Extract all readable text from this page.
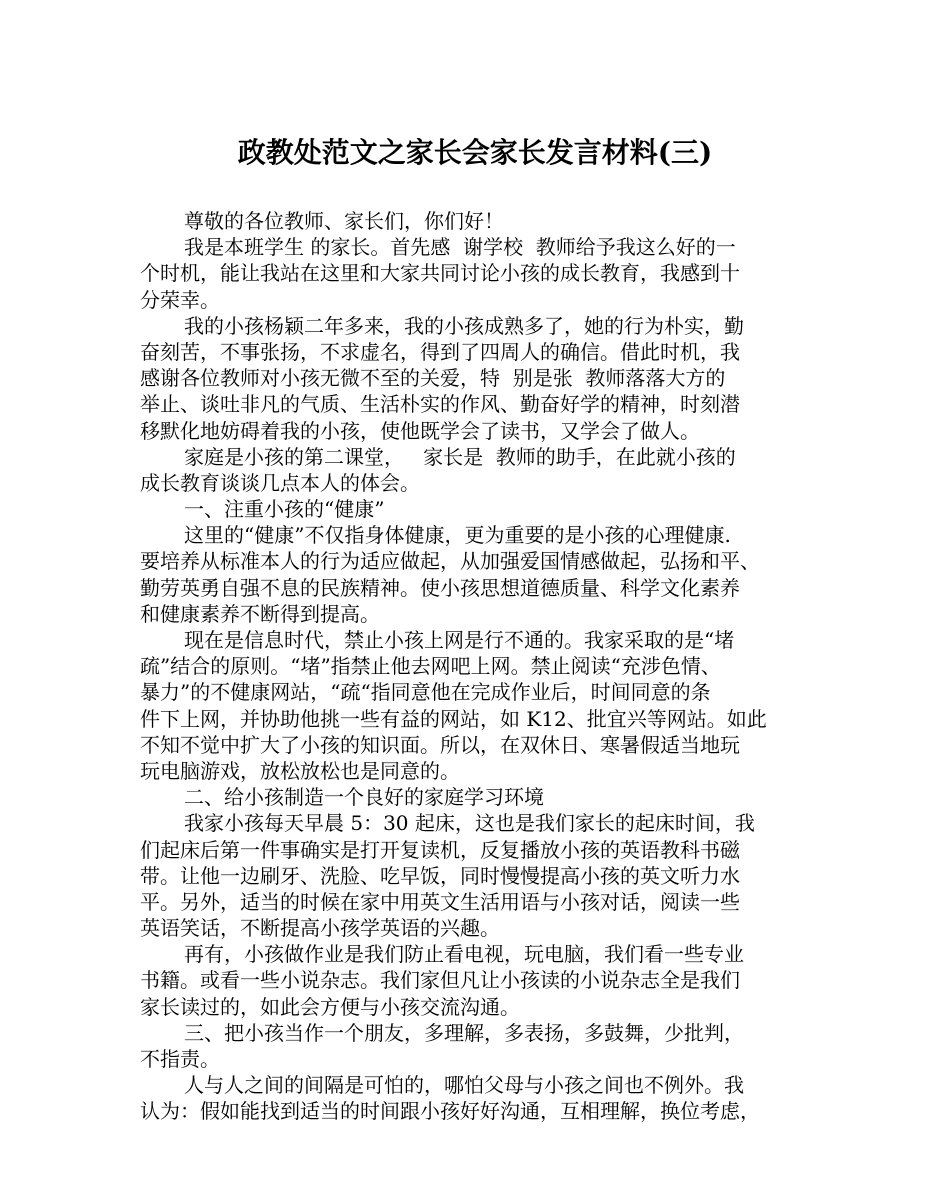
政教处范文之家长会家长发言材料(三)
尊敬的各位教师、家长们，你们好！
我是本班学生 的家长。首先感  谢学校  教师给予我这么好的一
个时机，能让我站在这里和大家共同讨论小孩的成长教育，我感到十
分荣幸。
我的小孩杨颖二年多来，我的小孩成熟多了，她的行为朴实，勤
奋刻苦，不事张扬，不求虚名，得到了四周人的确信。借此时机，我
感谢各位教师对小孩无微不至的关爱，特  别是张  教师落落大方的
举止、谈吐非凡的气质、生活朴实的作风、勤奋好学的精神，时刻潜
移默化地妨碍着我的小孩，使他既学会了读书，又学会了做人。
家庭是小孩的第二课堂，   家长是  教师的助手，在此就小孩的
成长教育谈谈几点本人的体会。
一、注重小孩的“健康”
这里的“健康”不仅指身体健康，更为重要的是小孩的心理健康.
要培养从标准本人的行为适应做起，从加强爱国情感做起，弘扬和平、
勤劳英勇自强不息的民族精神。使小孩思想道德质量、科学文化素养
和健康素养不断得到提高。
现在是信息时代，禁止小孩上网是行不通的。我家采取的是“堵
疏”结合的原则。“堵”指禁止他去网吧上网。禁止阅读“充涉色情、
暴力”的不健康网站，“疏“指同意他在完成作业后，时间同意的条
件下上网，并协助他挑一些有益的网站，如 K12、批宜兴等网站。如此
不知不觉中扩大了小孩的知识面。所以，在双休日、寒暑假适当地玩
玩电脑游戏，放松放松也是同意的。
二、给小孩制造一个良好的家庭学习环境
我家小孩每天早晨 5：30 起床，这也是我们家长的起床时间，我
们起床后第一件事确实是打开复读机，反复播放小孩的英语教科书磁
带。让他一边刷牙、洗脸、吃早饭，同时慢慢提高小孩的英文听力水
平。另外，适当的时候在家中用英文生活用语与小孩对话，阅读一些
英语笑话，不断提高小孩学英语的兴趣。
再有，小孩做作业是我们防止看电视，玩电脑，我们看一些专业
书籍。或看一些小说杂志。我们家但凡让小孩读的小说杂志全是我们
家长读过的，如此会方便与小孩交流沟通。
三、把小孩当作一个朋友，多理解，多表扬，多鼓舞，少批判，
不指责。
人与人之间的间隔是可怕的，哪怕父母与小孩之间也不例外。我
认为：假如能找到适当的时间跟小孩好好沟通，互相理解，换位考虑，
